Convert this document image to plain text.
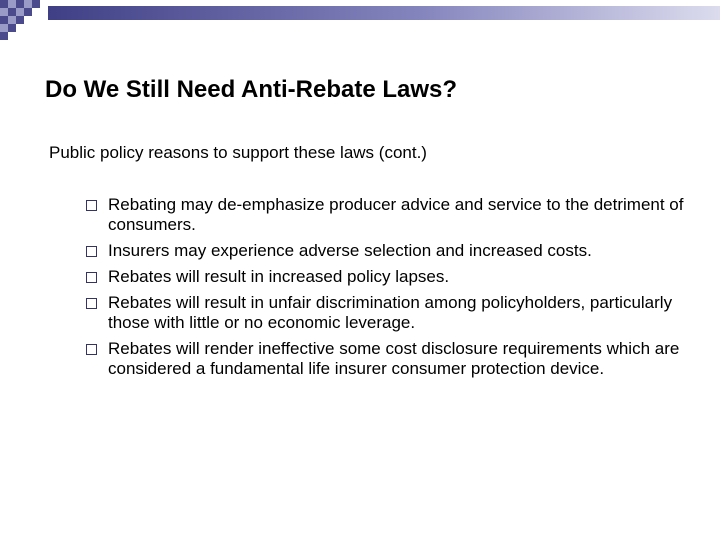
Do We Still Need Anti-Rebate Laws?

Public policy reasons to support these laws (cont.)

Rebating may de-emphasize producer advice and service to the detriment of consumers.
Insurers may experience adverse selection and increased costs.
Rebates will result in increased policy lapses.
Rebates will result in unfair discrimination among policyholders, particularly those with little or no economic leverage.
Rebates will render ineffective some cost disclosure requirements which are considered a fundamental life insurer consumer protection device.
